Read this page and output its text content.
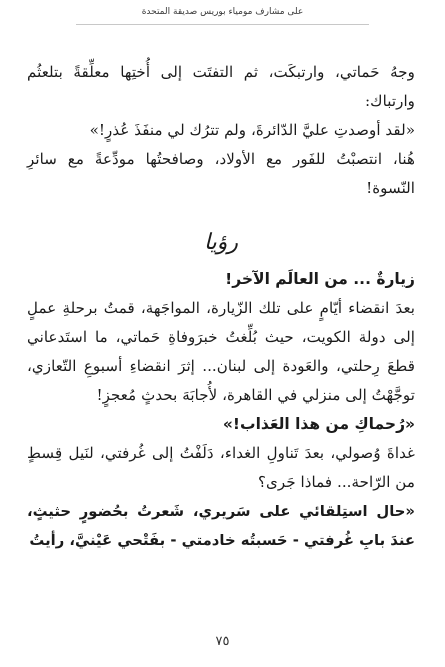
على مشارف مومياء بوريس صديقة المتحدة

وجهُ حَماتي، وارتبكَت، ثم التفتَت إلى أُختِها معلِّقةً بتلعثُم وارتباك:

«لقد أوصدتِ عليَّ الدّائرةَ، ولم تترُك لي منفَذَ عُذرٍ!»

هُنا، انتصبْتُ للفَور مع الأولاد، وصافحتُها مودِّعةً مع سائرِ النّسوة!

رؤيا

زيارةٌ ... من العالَم الآخر!

بعدَ انقضاء أيّامٍ على تلك الزّيارة، المواجَهة، قمتُ برحلةِ عملٍ إلى دولة الكويت، حيث بُلِّغتُ خبرَوفاةِ حَماتي، ما استَدعاني قطعَ رِحلتي، والعَودة إلى لبنان... إثرَ انقضاءِ أسبوعِ التّعازي، توجَّهْتُ إلى منزلي في القاهرة، لأُجابَهَ بحدثٍ مُعجزٍ!

«رُحماكِ من هذا العَذاب!»

غداةَ وُصولي، بعدَ تَناولِ الغداء، دَلَفْتُ إلى غُرفتي، لنَيل قِسطٍ من الرّاحة... فماذا جَرى؟

«حال استِلقائي على سَريري، شَعرتُ بحُضورٍ حثيثٍ، عندَ بابِ غُرفتي - حَسبتُه خادمتي - بفَتْحي عَيْنيَّ، رأيتُ

٧٥
